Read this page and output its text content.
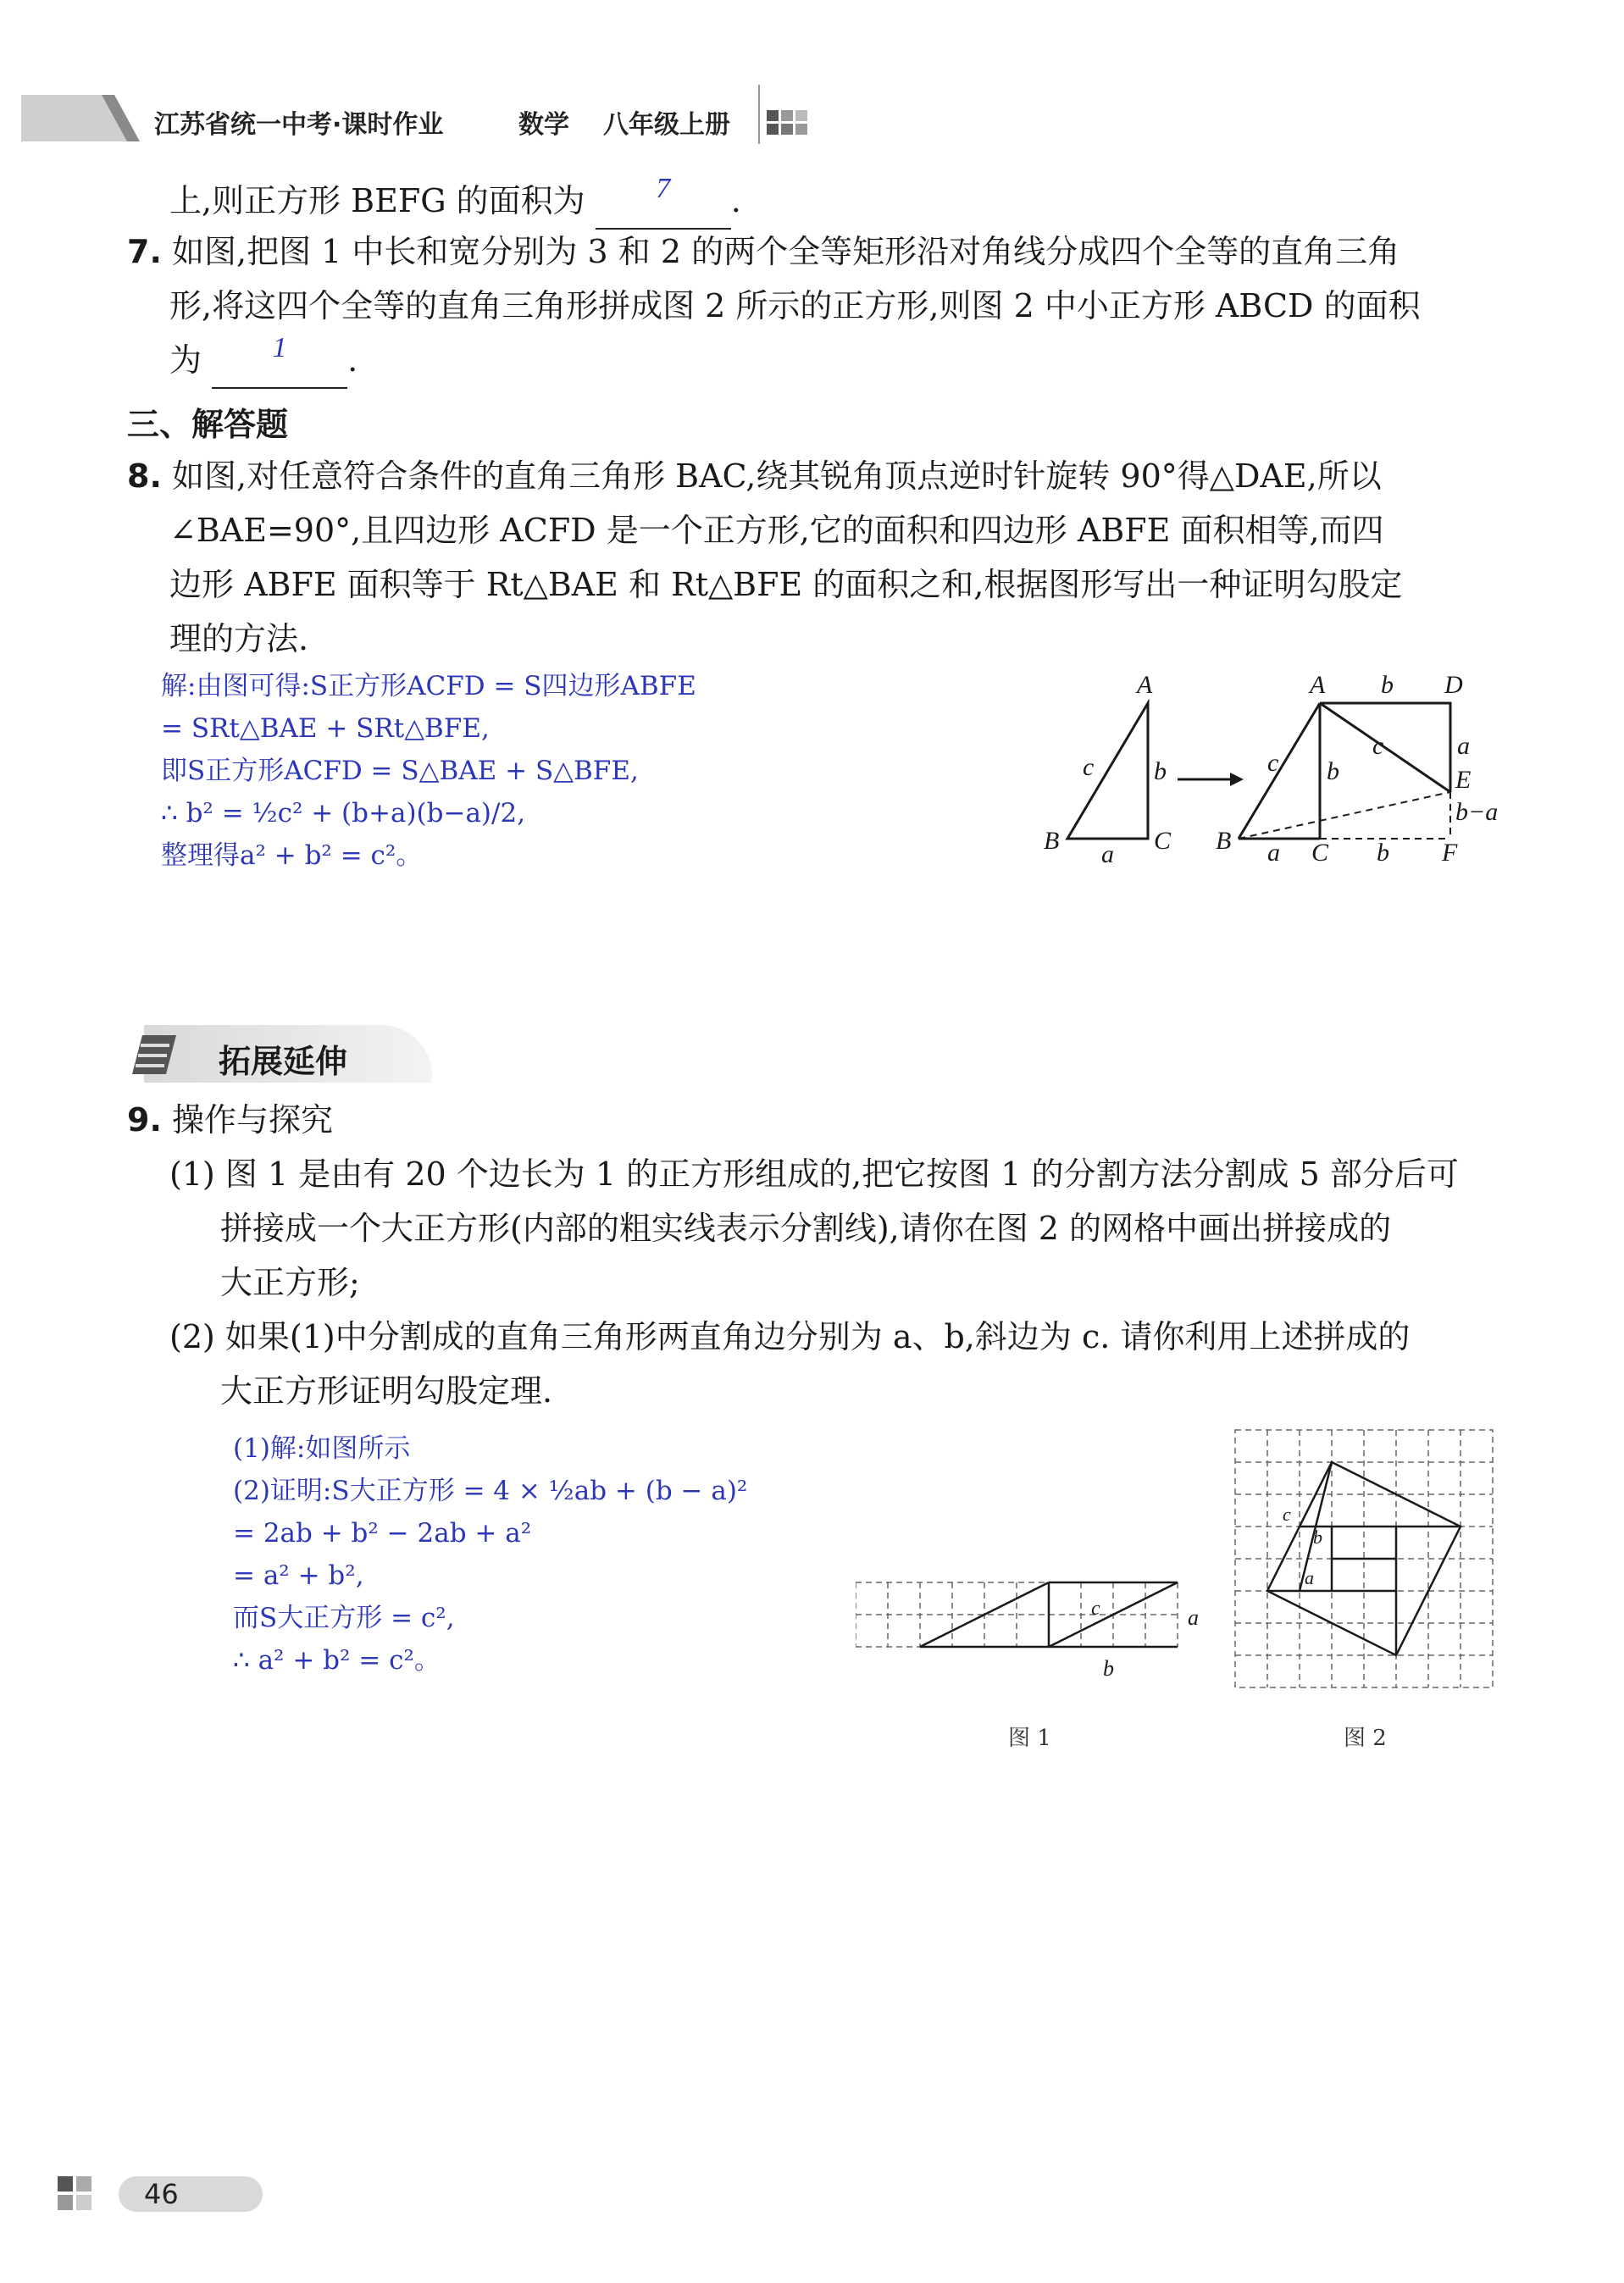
江苏省统一中考·课时作业	数学 八年级上册
上,则正方形 BEFG 的面积为	7	.
7. 如图,把图 1 中长和宽分别为 3 和 2 的两个全等矩形沿对角线分成四个全等的直角三角
形,将这四个全等的直角三角形拼成图 2 所示的正方形,则图 2 中小正方形 ABCD 的面积
为	1	.
三、解答题
8. 如图,对任意符合条件的直角三角形 BAC,绕其锐角顶点逆时针旋转 90°得△DAE,所以
∠BAE=90°,且四边形 ACFD 是一个正方形,它的面积和四边形 ABFE 面积相等,而四
边形 ABFE 面积等于 Rt△BAE 和 Rt△BFE 的面积之和,根据图形写出一种证明勾股定
理的方法.
解:由图可得:S正方形ACFD = S四边形ABFE
= SRt△BAE + SRt△BFE,
即S正方形ACFD = S△BAE + S△BFE,
∴ b² = ½c² + (b+a)(b−a)/2,
整理得a² + b² = c²。
A
B	C
a
b
c
A	D
b
a
E
b−a
c
c b
B a C b F
拓展延伸
9. 操作与探究
(1) 图 1 是由有 20 个边长为 1 的正方形组成的,把它按图 1 的分割方法分割成 5 部分后可
拼接成一个大正方形(内部的粗实线表示分割线),请你在图 2 的网格中画出拼接成的
大正方形;
(2) 如果(1)中分割成的直角三角形两直角边分别为 a、b,斜边为 c. 请你利用上述拼成的
大正方形证明勾股定理.
(1)解:如图所示
(2)证明:S大正方形 = 4 × ½ab + (b − a)²
= 2ab + b² − 2ab + a²
= a² + b²,
而S大正方形 = c²,
∴ a² + b² = c²。
c	a
b
图 1
c
b
a
图 2
46
